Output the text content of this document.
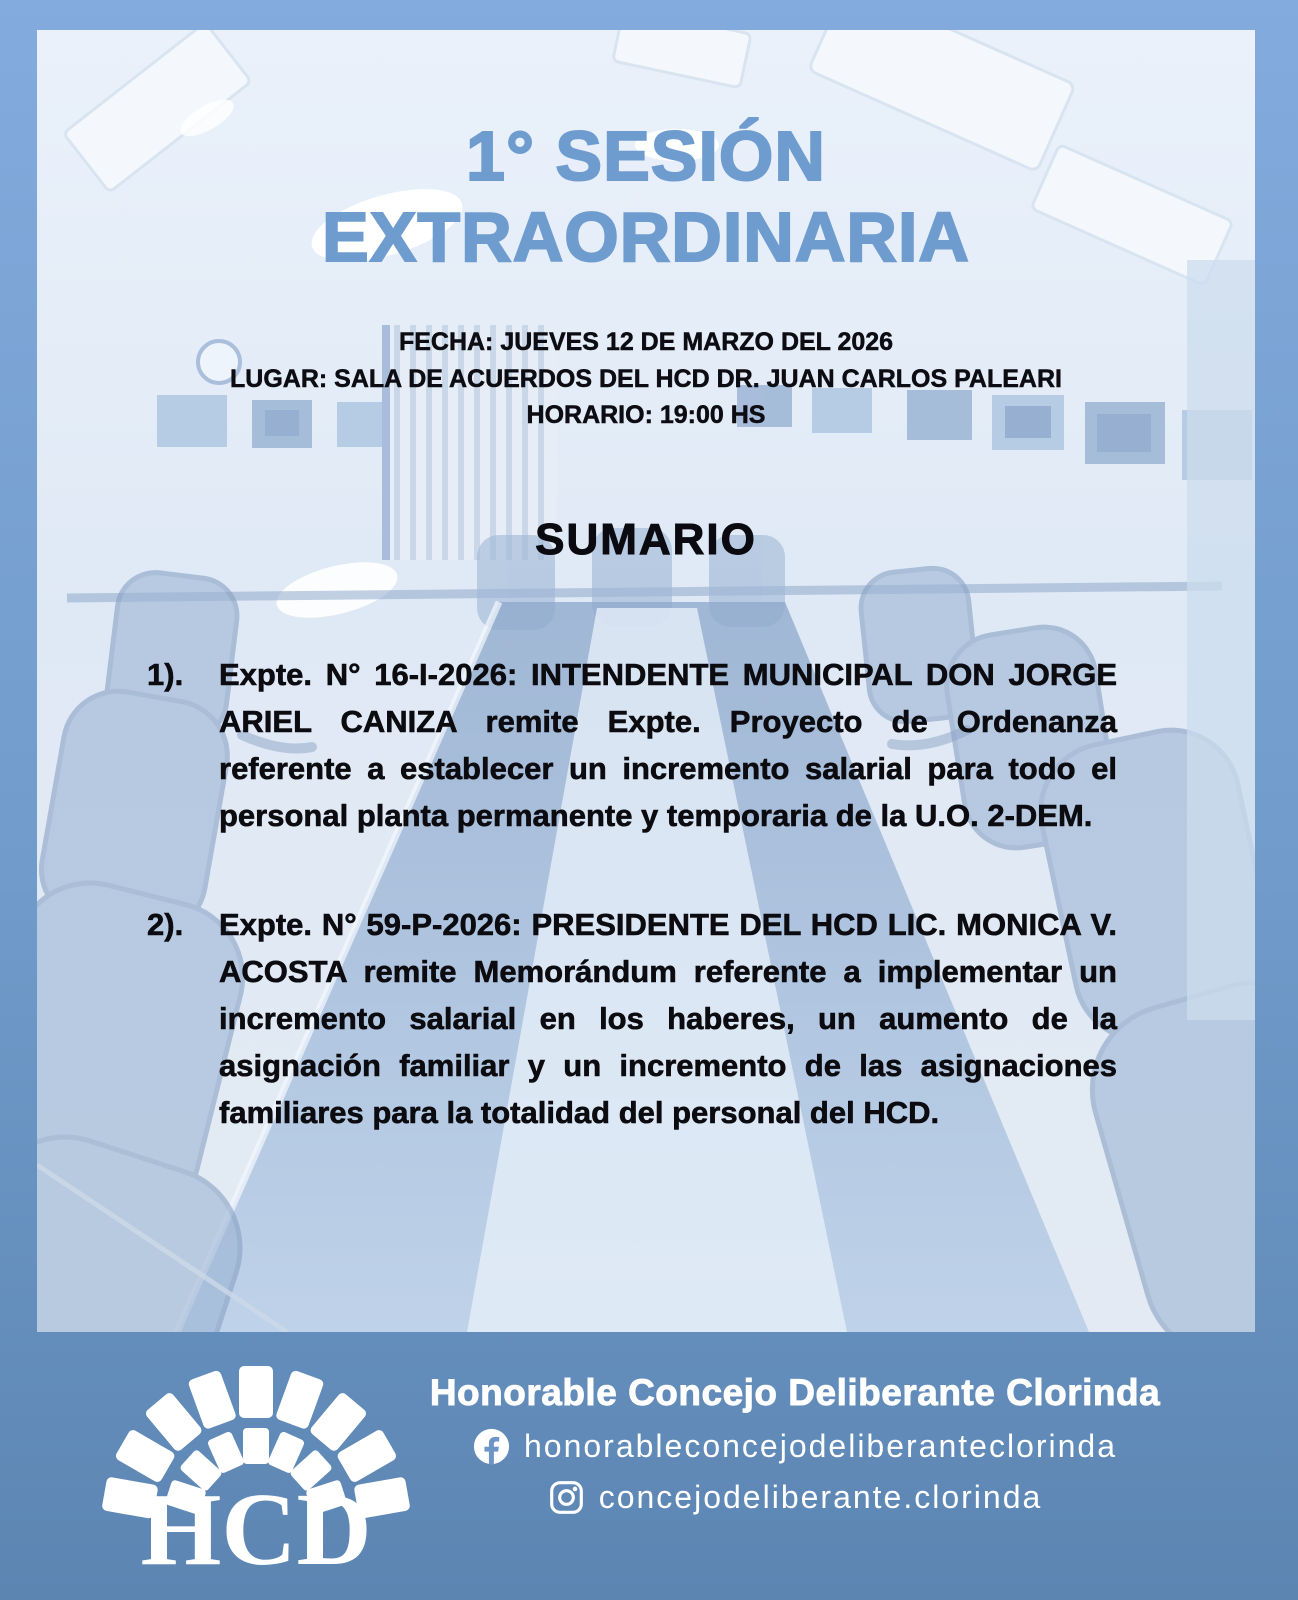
1° SESIÓN
EXTRAORDINARIA
FECHA: JUEVES 12 DE MARZO DEL 2026
LUGAR: SALA DE ACUERDOS DEL HCD DR. JUAN CARLOS PALEARI
HORARIO: 19:00 HS
SUMARIO
1).	Expte. N° 16-I-2026: INTENDENTE MUNICIPAL DON JORGE ARIEL CANIZA remite Expte. Proyecto de Ordenanza referente a establecer un incremento salarial para todo el personal planta permanente y temporaria de la U.O. 2-DEM.
2).	Expte. N° 59-P-2026: PRESIDENTE DEL HCD LIC. MONICA V. ACOSTA remite Memorándum referente a implementar un incremento salarial en los haberes, un aumento de la asignación familiar y un incremento de las asignaciones familiares para la totalidad del personal del HCD.
HCD
Honorable Concejo Deliberante Clorinda
honorableconcejodeliberanteclorinda
concejodeliberante.clorinda
